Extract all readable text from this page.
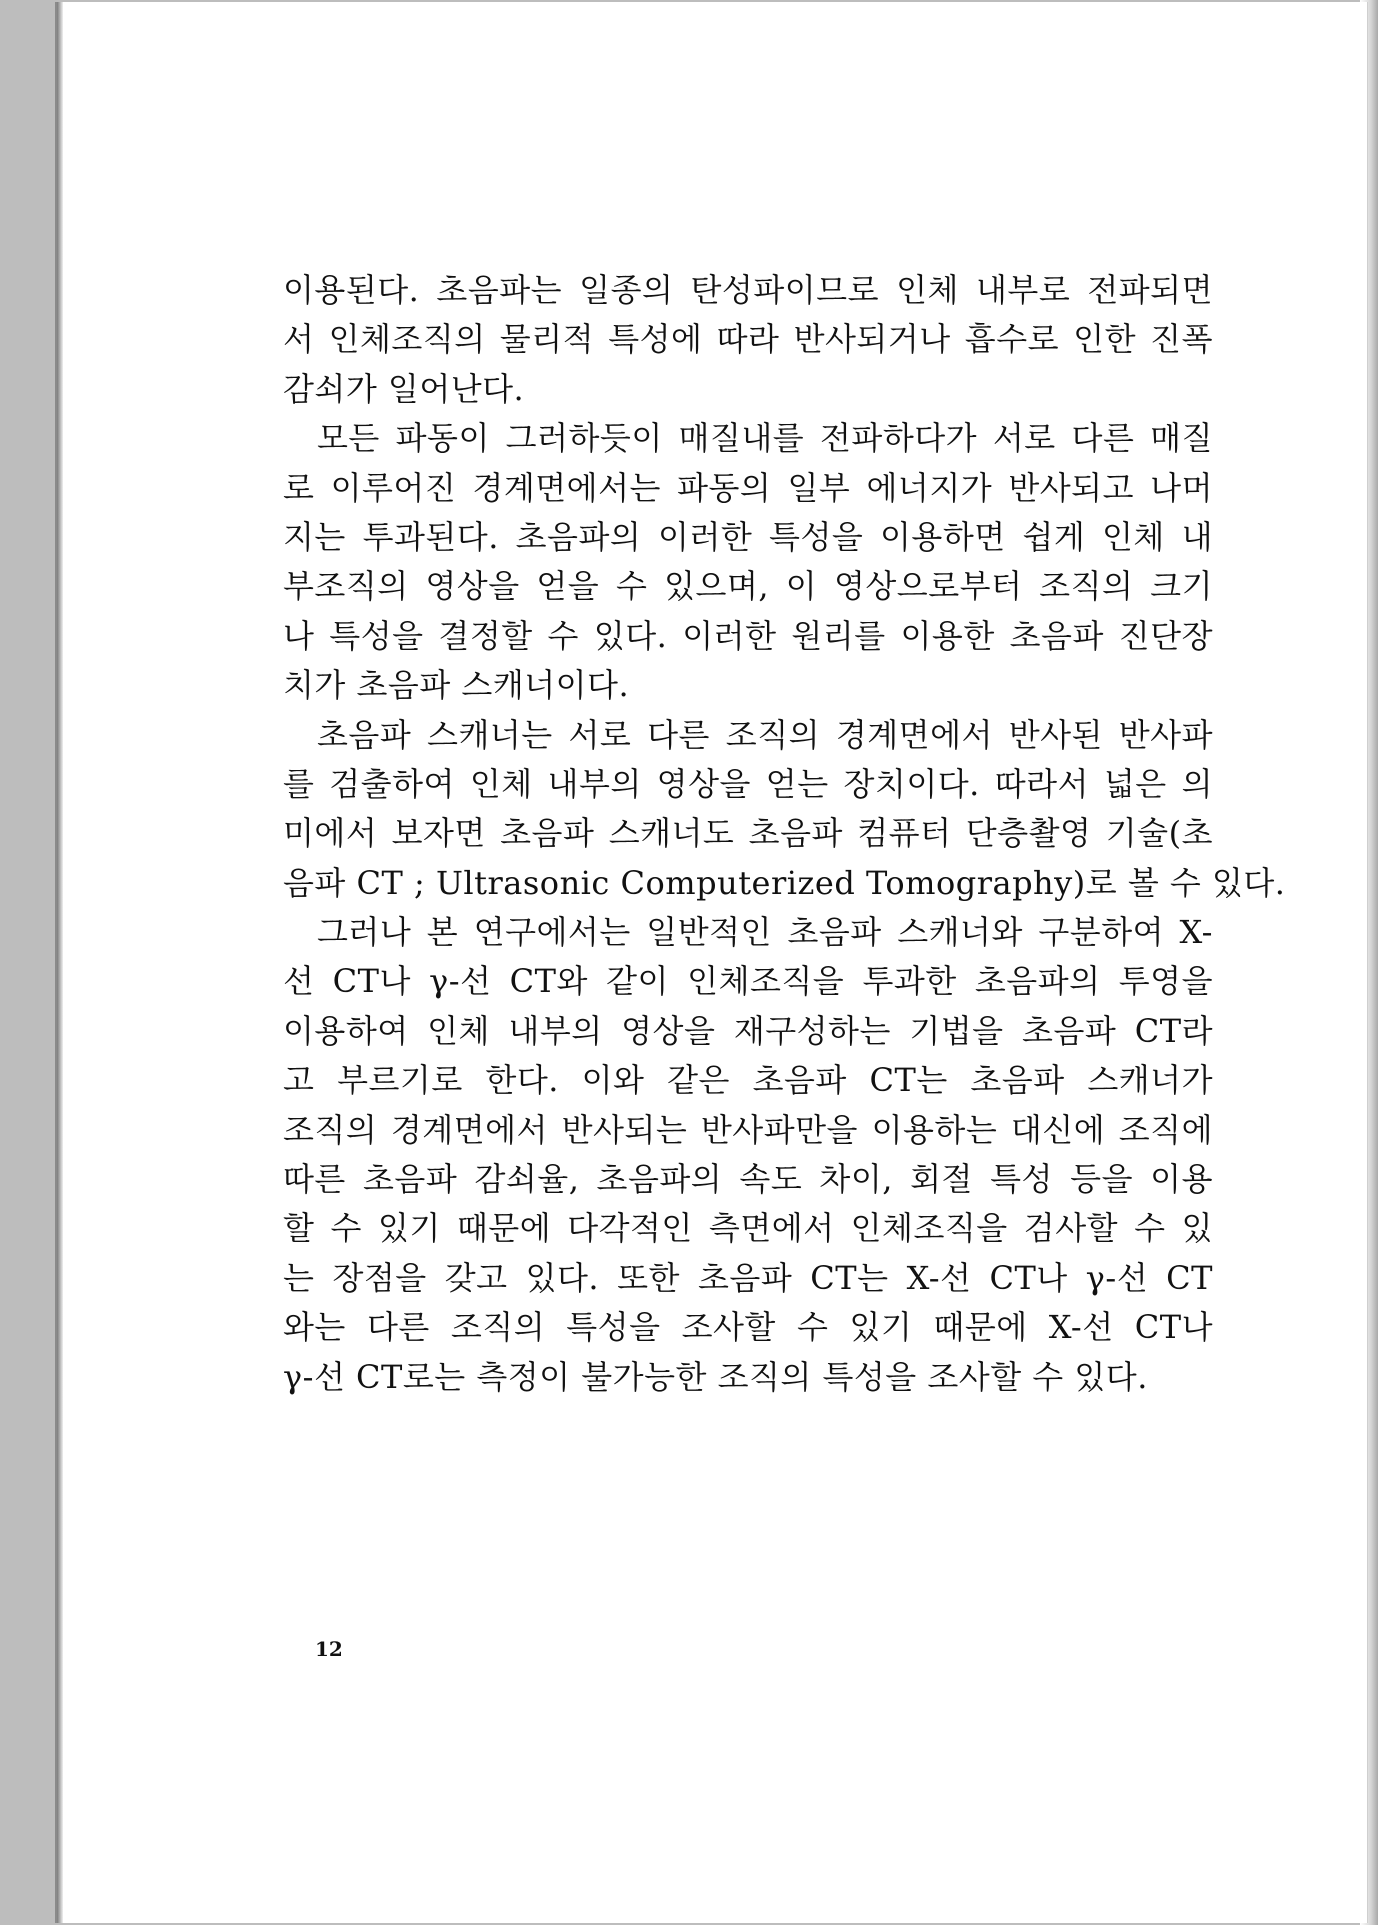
이용된다. 초음파는 일종의 탄성파이므로 인체 내부로 전파되면
서 인체조직의 물리적 특성에 따라 반사되거나 흡수로 인한 진폭
감쇠가 일어난다.
모든 파동이 그러하듯이 매질내를 전파하다가 서로 다른 매질
로 이루어진 경계면에서는 파동의 일부 에너지가 반사되고 나머
지는 투과된다. 초음파의 이러한 특성을 이용하면 쉽게 인체 내
부조직의 영상을 얻을 수 있으며, 이 영상으로부터 조직의 크기
나 특성을 결정할 수 있다. 이러한 원리를 이용한 초음파 진단장
치가 초음파 스캐너이다.
초음파 스캐너는 서로 다른 조직의 경계면에서 반사된 반사파
를 검출하여 인체 내부의 영상을 얻는 장치이다. 따라서 넓은 의
미에서 보자면 초음파 스캐너도 초음파 컴퓨터 단층촬영 기술(초
음파 CT ; Ultrasonic Computerized Tomography)로 볼 수 있다.
그러나 본 연구에서는 일반적인 초음파 스캐너와 구분하여 X-
선 CT나 γ-선 CT와 같이 인체조직을 투과한 초음파의 투영을
이용하여 인체 내부의 영상을 재구성하는 기법을 초음파 CT라
고 부르기로 한다. 이와 같은 초음파 CT는 초음파 스캐너가
조직의 경계면에서 반사되는 반사파만을 이용하는 대신에 조직에
따른 초음파 감쇠율, 초음파의 속도 차이, 회절 특성 등을 이용
할 수 있기 때문에 다각적인 측면에서 인체조직을 검사할 수 있
는 장점을 갖고 있다. 또한 초음파 CT는 X-선 CT나 γ-선 CT
와는 다른 조직의 특성을 조사할 수 있기 때문에 X-선 CT나
γ-선 CT로는 측정이 불가능한 조직의 특성을 조사할 수 있다.
12
